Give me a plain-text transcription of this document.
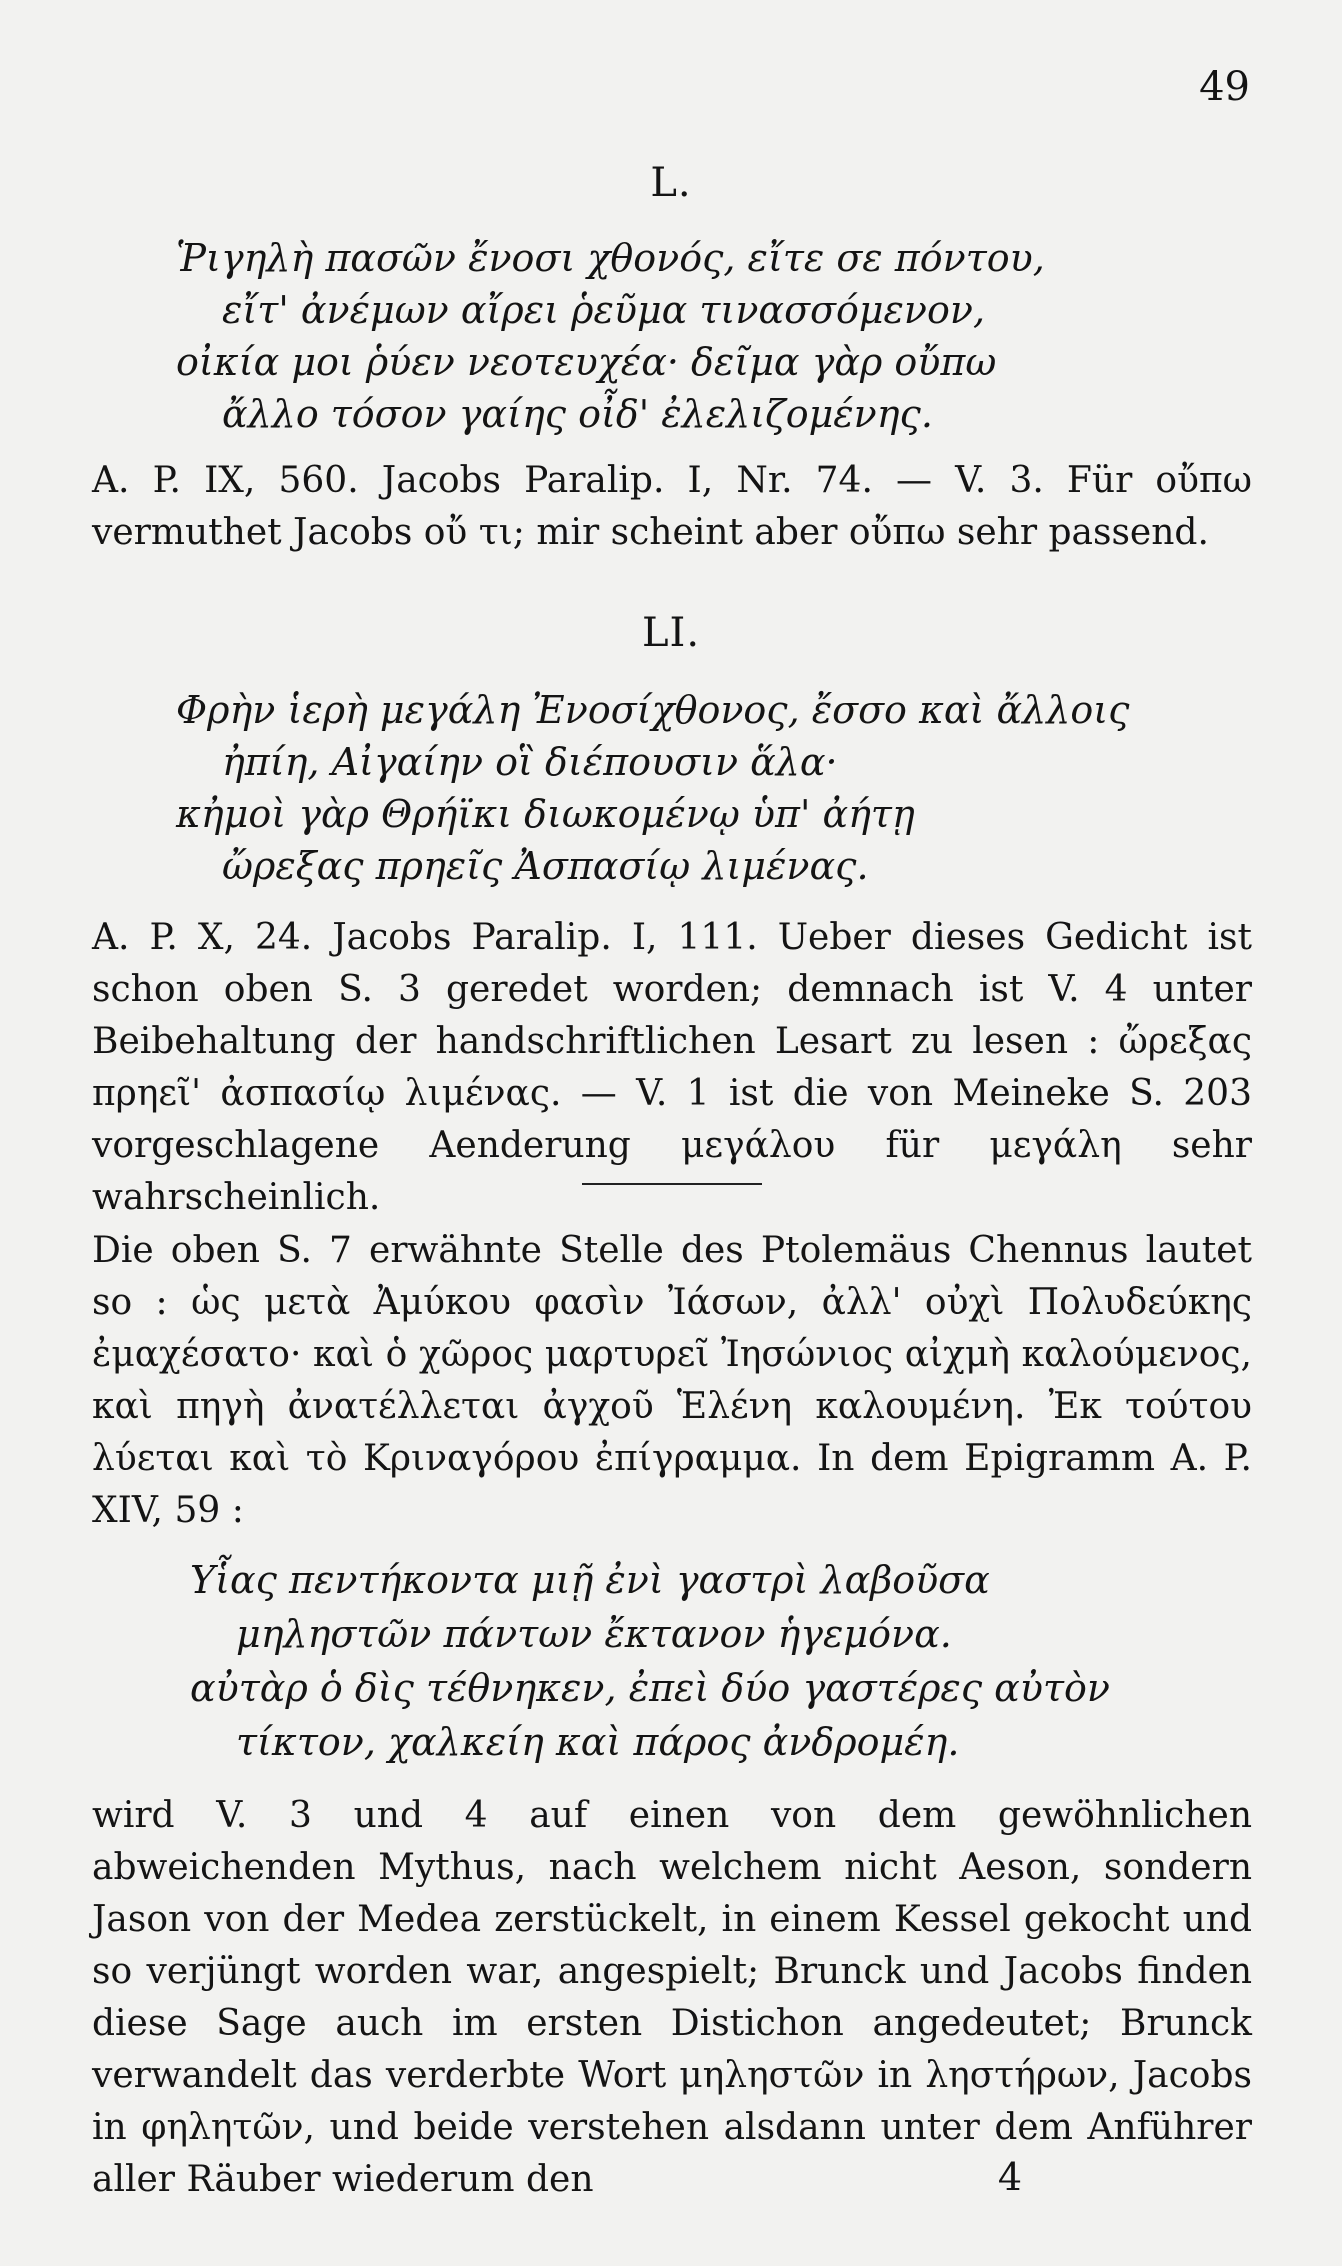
49
L.
Ῥιγηλὴ πασῶν ἔνοσι χθονός, εἴτε σε πόντου,
εἴτ' ἀνέμων αἴρει ῥεῦμα τινασσόμενον,
οἰκία μοι ῥύεν νεοτευχέα· δεῖμα γὰρ οὔπω
ἄλλο τόσον γαίης οἶδ' ἐλελιζομένης.
A. P. IX, 560. Jacobs Paralip. I, Nr. 74. — V. 3. Für οὔπω vermuthet Jacobs οὔ τι; mir scheint aber οὔπω sehr passend.
LI.
Φρὴν ἱερὴ μεγάλη Ἐνοσίχθονος, ἔσσο καὶ ἄλλοις
ἠπίη, Αἰγαίην οἳ διέπουσιν ἅλα·
κἠμοὶ γὰρ Θρήϊκι διωκομένῳ ὑπ' ἀήτῃ
ὤρεξας πρηεῖς Ἀσπασίῳ λιμένας.
A. P. X, 24. Jacobs Paralip. I, 111. Ueber dieses Gedicht ist schon oben S. 3 geredet worden; demnach ist V. 4 unter Beibehaltung der handschriftlichen Lesart zu lesen : ὤρεξας πρηεῖ' ἀσπασίῳ λιμένας. — V. 1 ist die von Meineke S. 203 vorgeschlagene Aenderung μεγάλου für μεγάλη sehr wahrscheinlich.
Die oben S. 7 erwähnte Stelle des Ptolemäus Chennus lautet so : ὡς μετὰ Ἀμύκου φασὶν Ἰάσων, ἀλλ' οὐχὶ Πολυδεύκης ἐμαχέσατο· καὶ ὁ χῶρος μαρτυρεῖ Ἰησώνιος αἰχμὴ καλούμενος, καὶ πηγὴ ἀνατέλλεται ἀγχοῦ Ἑλένη καλουμένη. Ἐκ τούτου λύεται καὶ τὸ Κριναγόρου ἐπίγραμμα. In dem Epigramm A. P. XIV, 59 :
Υἷας πεντήκοντα μιῇ ἐνὶ γαστρὶ λαβοῦσα
μηληστῶν πάντων ἔκτανον ἡγεμόνα.
αὐτὰρ ὁ δὶς τέθνηκεν, ἐπεὶ δύο γαστέρες αὐτὸν
τίκτον, χαλκείη καὶ πάρος ἀνδρομέη.
wird V. 3 und 4 auf einen von dem gewöhnlichen abweichenden Mythus, nach welchem nicht Aeson, sondern Jason von der Medea zerstückelt, in einem Kessel gekocht und so verjüngt worden war, angespielt; Brunck und Jacobs finden diese Sage auch im ersten Distichon angedeutet; Brunck verwandelt das verderbte Wort μηληστῶν in ληστήρων, Jacobs in φηλητῶν, und beide verstehen alsdann unter dem Anführer aller Räuber wiederum den	4
